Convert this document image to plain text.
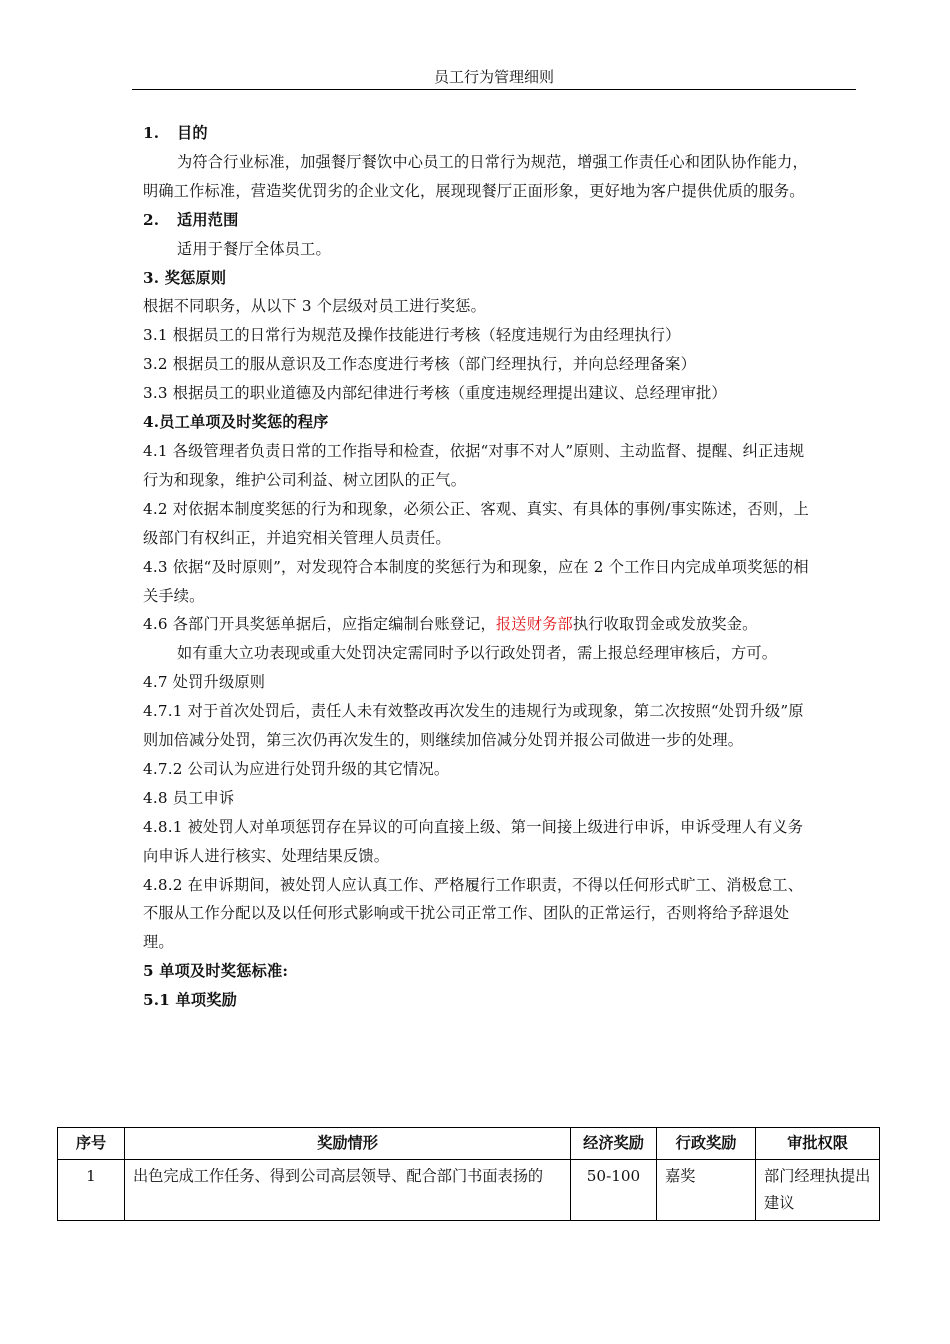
员工行为管理细则

1. 目的

为符合行业标准，加强餐厅餐饮中心员工的日常行为规范，增强工作责任心和团队协作能力，明确工作标准，营造奖优罚劣的企业文化，展现现餐厅正面形象，更好地为客户提供优质的服务。

2. 适用范围

适用于餐厅全体员工。

3. 奖惩原则

根据不同职务，从以下 3 个层级对员工进行奖惩。

3.1 根据员工的日常行为规范及操作技能进行考核（轻度违规行为由经理执行）

3.2 根据员工的服从意识及工作态度进行考核（部门经理执行，并向总经理备案）

3.3 根据员工的职业道德及内部纪律进行考核（重度违规经理提出建议、总经理审批）

4.员工单项及时奖惩的程序

4.1 各级管理者负责日常的工作指导和检查，依据“对事不对人”原则、主动监督、提醒、纠正违规行为和现象，维护公司利益、树立团队的正气。

4.2 对依据本制度奖惩的行为和现象，必须公正、客观、真实、有具体的事例/事实陈述，否则，上级部门有权纠正，并追究相关管理人员责任。

4.3 依据“及时原则”，对发现符合本制度的奖惩行为和现象，应在 2 个工作日内完成单项奖惩的相关手续。

4.6 各部门开具奖惩单据后，应指定编制台账登记，报送财务部执行收取罚金或发放奖金。

如有重大立功表现或重大处罚决定需同时予以行政处罚者，需上报总经理审核后，方可。

4.7 处罚升级原则

4.7.1 对于首次处罚后，责任人未有效整改再次发生的违规行为或现象，第二次按照“处罚升级”原则加倍减分处罚，第三次仍再次发生的，则继续加倍减分处罚并报公司做进一步的处理。

4.7.2 公司认为应进行处罚升级的其它情况。

4.8 员工申诉

4.8.1 被处罚人对单项惩罚存在异议的可向直接上级、第一间接上级进行申诉，申诉受理人有义务向申诉人进行核实、处理结果反馈。

4.8.2 在申诉期间，被处罚人应认真工作、严格履行工作职责，不得以任何形式旷工、消极怠工、不服从工作分配以及以任何形式影响或干扰公司正常工作、团队的正常运行，否则将给予辞退处理。

5 单项及时奖惩标准:

5.1 单项奖励

序号	奖励情形	经济奖励	行政奖励	审批权限
1	出色完成工作任务、得到公司高层领导、配合部门书面表扬的	50-100	嘉奖	部门经理执提出建议
